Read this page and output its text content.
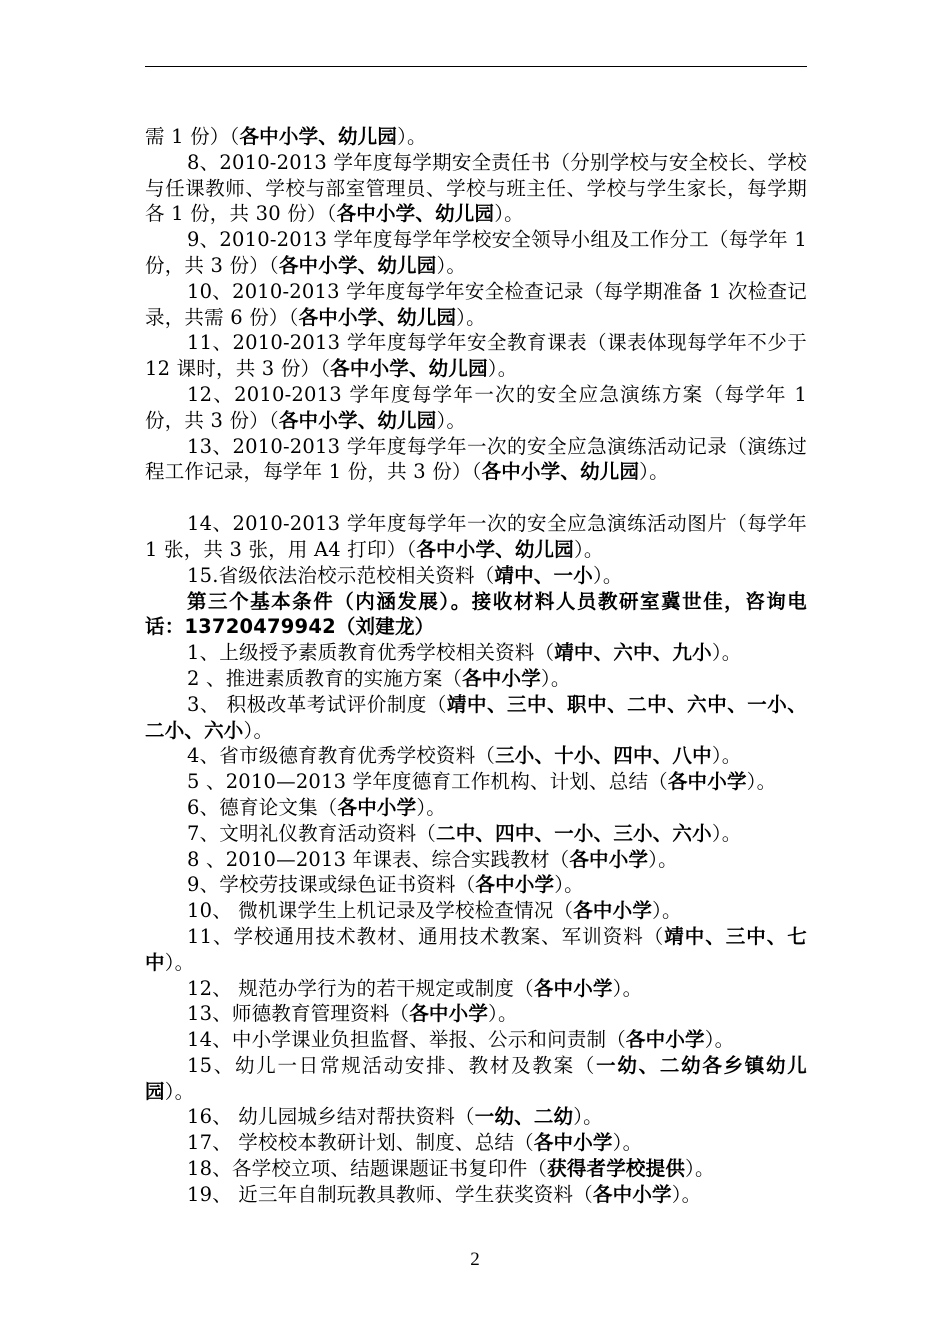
需 1 份）（各中小学、幼儿园）。

8、2010-2013 学年度每学期安全责任书（分别学校与安全校长、学校与任课教师、学校与部室管理员、学校与班主任、学校与学生家长，每学期各 1 份，共 30 份）（各中小学、幼儿园）。

9、2010-2013 学年度每学年学校安全领导小组及工作分工（每学年 1 份，共 3 份）（各中小学、幼儿园）。

10、2010-2013 学年度每学年安全检查记录（每学期准备 1 次检查记录，共需 6 份）（各中小学、幼儿园）。

11、2010-2013 学年度每学年安全教育课表（课表体现每学年不少于 12 课时，共 3 份）（各中小学、幼儿园）。

12、2010-2013 学年度每学年一次的安全应急演练方案（每学年 1 份，共 3 份）（各中小学、幼儿园）。

13、2010-2013 学年度每学年一次的安全应急演练活动记录（演练过程工作记录，每学年 1 份，共 3 份）（各中小学、幼儿园）。

14、2010-2013 学年度每学年一次的安全应急演练活动图片（每学年 1 张，共 3 张，用 A4 打印）（各中小学、幼儿园）。

15.省级依法治校示范校相关资料（靖中、一小）。

第三个基本条件（内涵发展）。接收材料人员教研室冀世佳，咨询电话：13720479942（刘建龙）

1、上级授予素质教育优秀学校相关资料（靖中、六中、九小）。

2 、推进素质教育的实施方案（各中小学）。

3、 积极改革考试评价制度（靖中、三中、职中、二中、六中、一小、二小、六小）。

4、省市级德育教育优秀学校资料（三小、十小、四中、八中）。

5 、2010—2013 学年度德育工作机构、计划、总结（各中小学）。

6、德育论文集（各中小学）。

7、文明礼仪教育活动资料（二中、四中、一小、三小、六小）。

8 、2010—2013 年课表、综合实践教材（各中小学）。

9、学校劳技课或绿色证书资料（各中小学）。

10、 微机课学生上机记录及学校检查情况（各中小学）。

11、学校通用技术教材、通用技术教案、军训资料（靖中、三中、七中）。

12、 规范办学行为的若干规定或制度（各中小学）。

13、师德教育管理资料（各中小学）。

14、中小学课业负担监督、举报、公示和问责制（各中小学）。

15、幼儿一日常规活动安排、教材及教案（一幼、二幼各乡镇幼儿园）。

16、 幼儿园城乡结对帮扶资料（一幼、二幼）。

17、 学校校本教研计划、制度、总结（各中小学）。

18、各学校立项、结题课题证书复印件（获得者学校提供）。

19、 近三年自制玩教具教师、学生获奖资料（各中小学）。

2
